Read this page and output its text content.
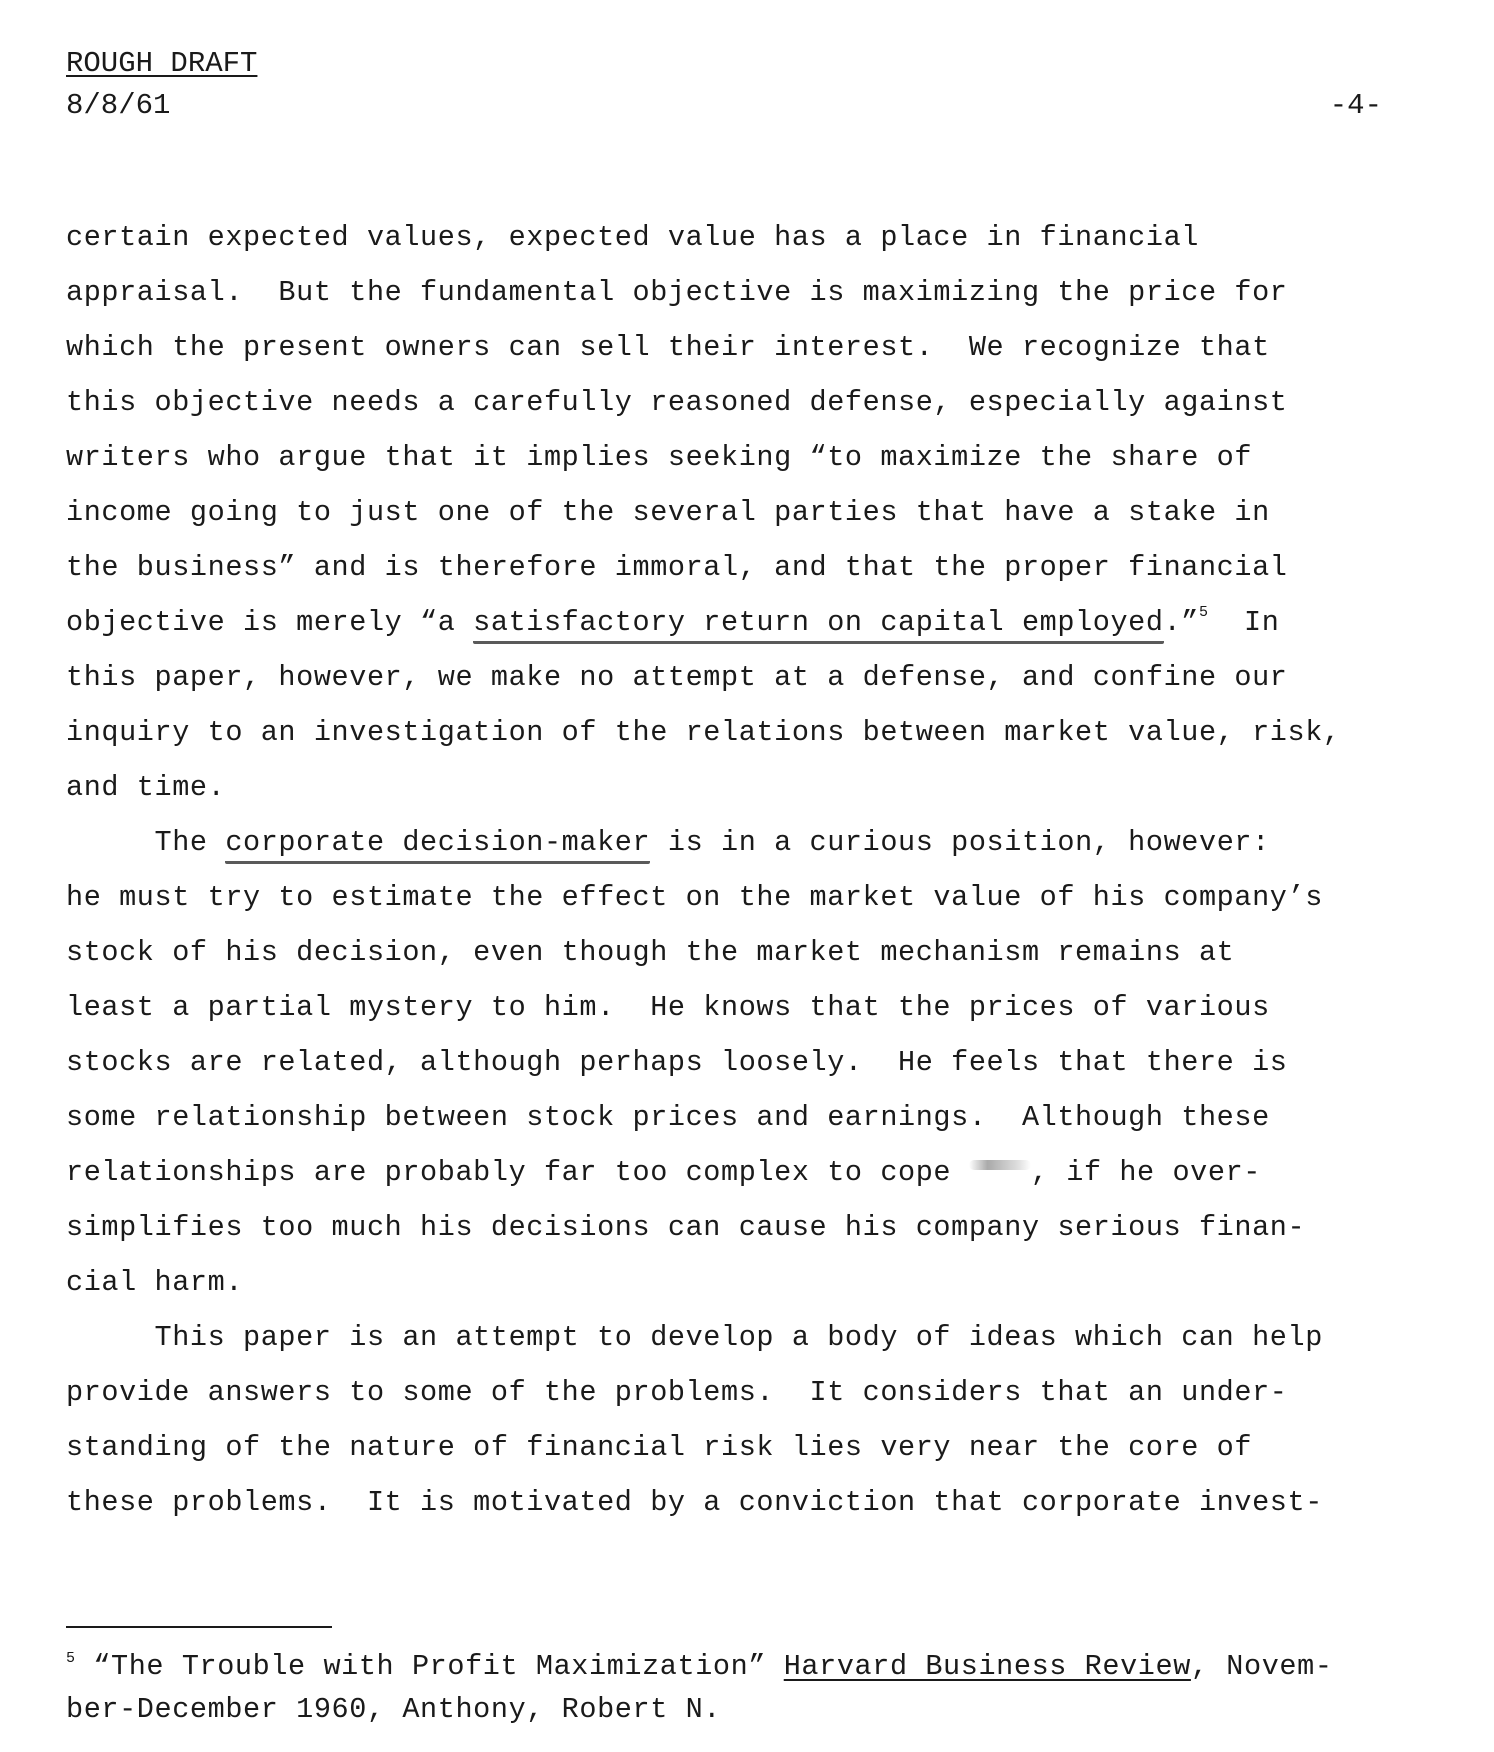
ROUGH DRAFT
8/8/61	-4-
certain expected values, expected value has a place in financial
appraisal.  But the fundamental objective is maximizing the price for
which the present owners can sell their interest.  We recognize that
this objective needs a carefully reasoned defense, especially against
writers who argue that it implies seeking “to maximize the share of
income going to just one of the several parties that have a stake in
the business” and is therefore immoral, and that the proper financial
objective is merely “a satisfactory return on capital employed.”$^5$  In
this paper, however, we make no attempt at a defense, and confine our
inquiry to an investigation of the relations between market value, risk,
and time.
The corporate decision-maker is in a curious position, however:
he must try to estimate the effect on the market value of his company’s
stock of his decision, even though the market mechanism remains at
least a partial mystery to him.  He knows that the prices of various
stocks are related, although perhaps loosely.  He feels that there is
some relationship between stock prices and earnings.  Although these
relationships are probably far too complex to cope , if he over-
simplifies too much his decisions can cause his company serious finan-
cial harm.
This paper is an attempt to develop a body of ideas which can help
provide answers to some of the problems.  It considers that an under-
standing of the nature of financial risk lies very near the core of
these problems.  It is motivated by a conviction that corporate invest-
$^5$ “The Trouble with Profit Maximization” Harvard Business Review, Novem-
ber-December 1960, Anthony, Robert N.
